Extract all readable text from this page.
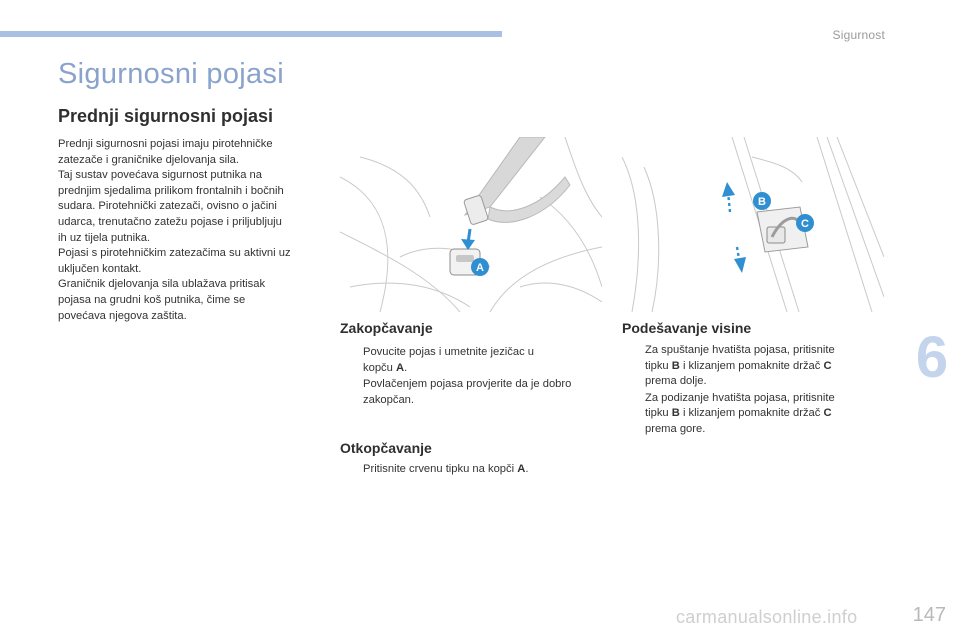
Sigurnost
Sigurnosni pojasi
Prednji sigurnosni pojasi

Prednji sigurnosni pojasi imaju pirotehničke

zatezače i graničnike djelovanja sila.

Taj sustav povećava sigurnost putnika na

prednjim sjedalima prilikom frontalnih i bočnih

sudara. Pirotehnički zatezači, ovisno o jačini

udarca, trenutačno zatežu pojase i priljubljuju

ih uz tijela putnika.

Pojasi s pirotehničkim zatezačima su aktivni uz

uključen kontakt.

Graničnik djelovanja sila ublažava pritisak

pojasa na grudni koš putnika, čime se

povećava njegova zaštita.

A
B
C
Zakopčavanje
Povucite pojas i umetnite jezičac u
kopču A.
Povlačenjem pojasa provjerite da je dobro
zakopčan.
Otkopčavanje
Pritisnite crvenu tipku na kopči A.
Podešavanje visine
Za spuštanje hvatišta pojasa, pritisnite
tipku B i klizanjem pomaknite držač C
prema dolje.
Za podizanje hvatišta pojasa, pritisnite
tipku B i klizanjem pomaknite držač C
prema gore.
6
147
carmanualsonline.info
